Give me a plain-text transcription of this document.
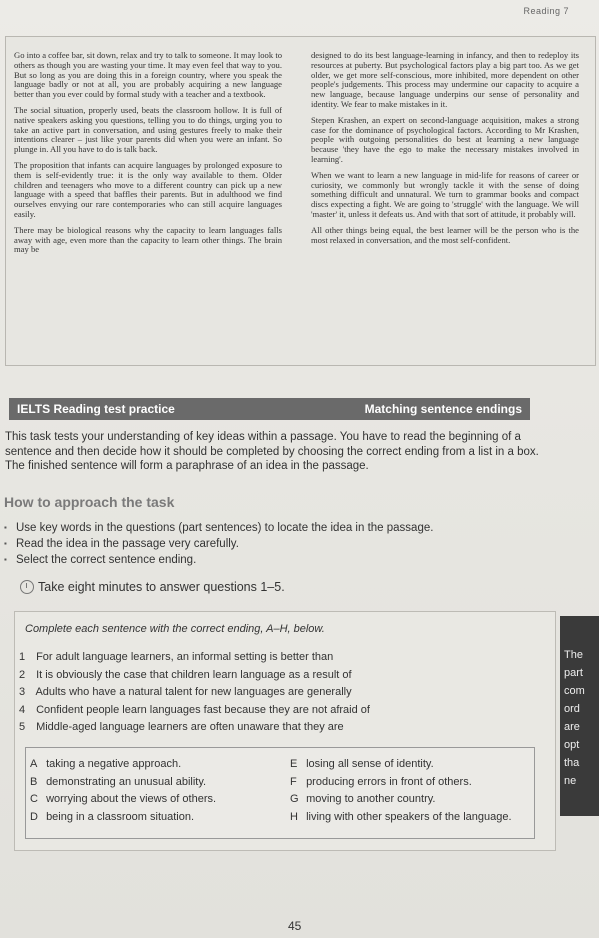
Reading 7

Go into a coffee bar, sit down, relax and try to talk to someone. It may look to others as though you are wasting your time. It may even feel that way to you. But so long as you are doing this in a foreign country, where you speak the language badly or not at all, you are probably acquiring a new language better than you ever could by formal study with a teacher and a textbook.

The social situation, properly used, beats the classroom hollow. It is full of native speakers asking you questions, telling you to do things, urging you to take an active part in conversation, and using gestures freely to make their intentions clearer – just like your parents did when you were an infant. So plunge in. All you have to do is talk back.

The proposition that infants can acquire languages by prolonged exposure to them is self-evidently true: it is the only way available to them. Older children and teenagers who move to a different country can pick up a new language with a speed that baffles their parents. But in adulthood we find ourselves envying our rare contemporaries who can still acquire languages easily.

There may be biological reasons why the capacity to learn languages falls away with age, even more than the capacity to learn other things. The brain may be

designed to do its best language-learning in infancy, and then to redeploy its resources at puberty. But psychological factors play a big part too. As we get older, we get more self-conscious, more inhibited, more dependent on other people's judgements. This process may undermine our capacity to acquire a new language, because language underpins our sense of personality and identity. We fear to make mistakes in it.

Stepen Krashen, an expert on second-language acquisition, makes a strong case for the dominance of psychological factors. According to Mr Krashen, people with outgoing personalities do best at learning a new language because 'they have the ego to make the necessary mistakes involved in learning'.

When we want to learn a new language in mid-life for reasons of career or curiosity, we commonly but wrongly tackle it with the sense of doing something difficult and unnatural. We turn to grammar books and compact discs expecting a fight. We are going to 'struggle' with the language. We will 'master' it, unless it defeats us. And with that sort of attitude, it probably will.

All other things being equal, the best learner will be the person who is the most relaxed in conversation, and the most self-confident.

IELTS Reading test practice	Matching sentence endings
This task tests your understanding of key ideas within a passage. You have to read the beginning of a sentence and then decide how it should be completed by choosing the correct ending from a list in a box. The finished sentence will form a paraphrase of an idea in the passage.
How to approach the task
▪ Use key words in the questions (part sentences) to locate the idea in the passage.
▪ Read the idea in the passage very carefully.
▪ Select the correct sentence ending.
Take eight minutes to answer questions 1–5.
Complete each sentence with the correct ending, A–H, below.
1 For adult language learners, an informal setting is better than
2 It is obviously the case that children learn language as a result of
3 Adults who have a natural talent for new languages are generally
4 Confident people learn languages fast because they are not afraid of
5 Middle-aged language learners are often unaware that they are
A taking a negative approach.	E losing all sense of identity.
B demonstrating an unusual ability.	F producing errors in front of others.
C worrying about the views of others.	G moving to another country.
D being in a classroom situation.	H living with other speakers of the language.
The
part
com
ord
are
opt
tha
ne
45
